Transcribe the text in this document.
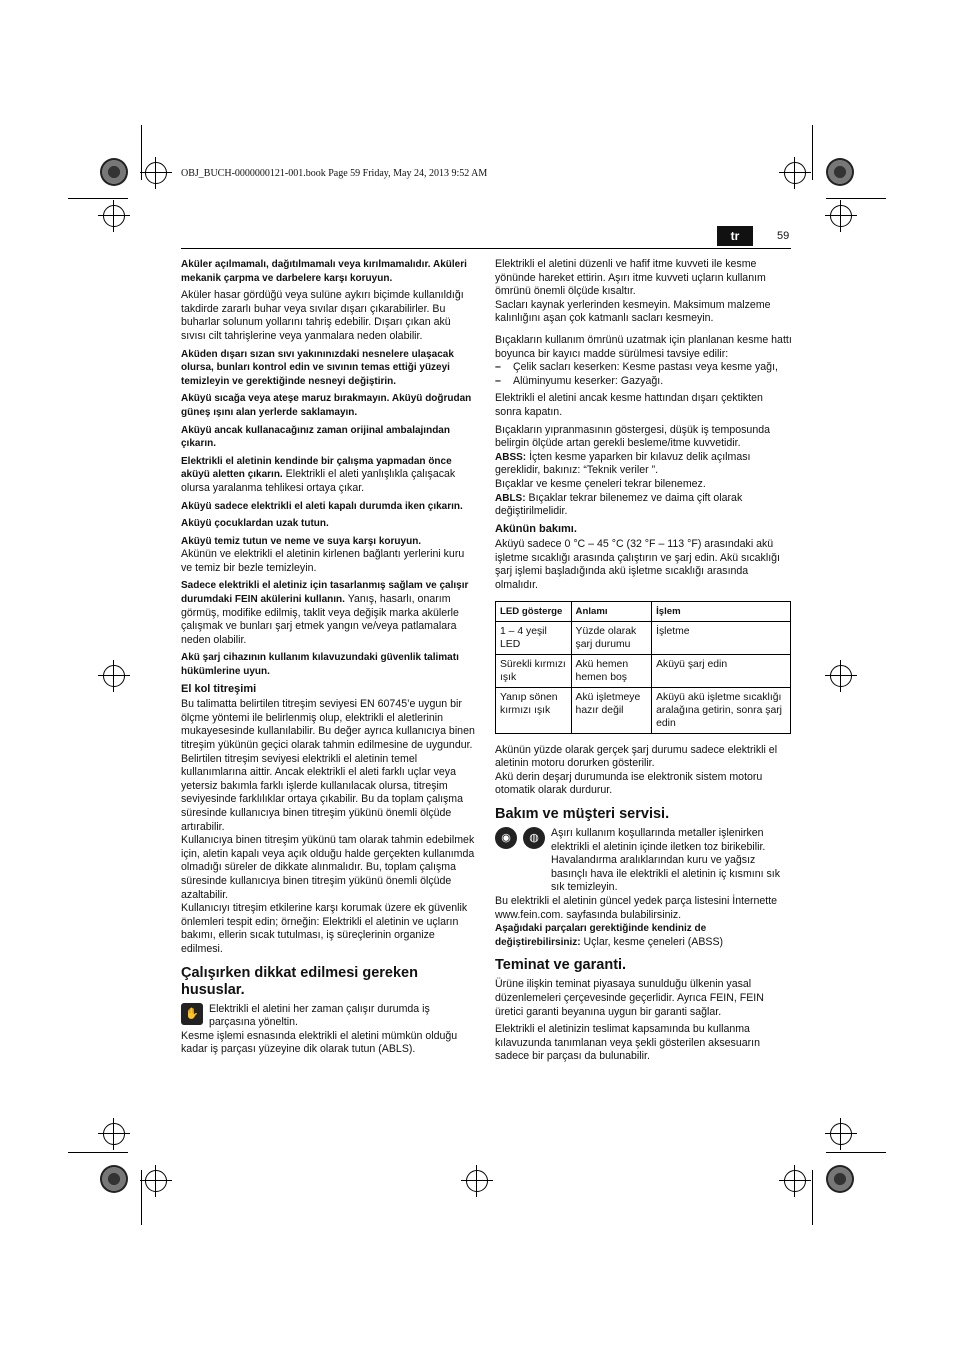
OBJ_BUCH-0000000121-001.book Page 59 Friday, May 24, 2013 9:52 AM
tr	59

Aküler açılmamalı, dağıtılmamalı veya kırılmamalıdır. Aküleri mekanik çarpma ve darbelere karşı koruyun.

Aküler hasar gördüğü veya sulüne aykırı biçimde kullanıldığı takdirde zararlı buhar veya sıvılar dışarı çıkarabilirler. Bu buharlar solunum yollarını tahriş edebilir. Dışarı çıkan akü sıvısı cilt tahrişlerine veya yanmalara neden olabilir.

Aküden dışarı sızan sıvı yakınınızdaki nesnelere ulaşacak olursa, bunları kontrol edin ve sıvının temas ettiği yüzeyi temizleyin ve gerektiğinde nesneyi değiştirin.

Aküyü sıcağa veya ateşe maruz bırakmayın. Aküyü doğrudan güneş ışını alan yerlerde saklamayın.

Aküyü ancak kullanacağınız zaman orijinal ambalajından çıkarın.

Elektrikli el aletinin kendinde bir çalışma yapmadan önce aküyü aletten çıkarın. Elektrikli el aleti yanlışlıkla çalışacak olursa yaralanma tehlikesi ortaya çıkar.

Aküyü sadece elektrikli el aleti kapalı durumda iken çıkarın.

Aküyü çocuklardan uzak tutun.

Aküyü temiz tutun ve neme ve suya karşı koruyun.
Akünün ve elektrikli el aletinin kirlenen bağlantı yerlerini kuru ve temiz bir bezle temizleyin.

Sadece elektrikli el aletiniz için tasarlanmış sağlam ve çalışır durumdaki FEIN akülerini kullanın. Yanış, hasarlı, onarım görmüş, modifike edilmiş, taklit veya değişik marka akülerle çalışmak ve bunları şarj etmek yangın ve/veya patlamalara neden olabilir.

Akü şarj cihazının kullanım kılavuzundaki güvenlik talimatı hükümlerine uyun.

El kol titreşimi

Bu talimatta belirtilen titreşim seviyesi EN 60745’e uygun bir ölçme yöntemi ile belirlenmiş olup, elektrikli el aletlerinin mukayesesinde kullanılabilir. Bu değer ayrıca kullanıcıya binen titreşim yükünün geçici olarak tahmin edilmesine de uygundur.

Belirtilen titreşim seviyesi elektrikli el aletinin temel kullanımlarına aittir. Ancak elektrikli el aleti farklı uçlar veya yetersiz bakımla farklı işlerde kullanılacak olursa, titreşim seviyesinde farklılıklar ortaya çıkabilir. Bu da toplam çalışma süresinde kullanıcıya binen titreşim yükünü önemli ölçüde artırabilir.

Kullanıcıya binen titreşim yükünü tam olarak tahmin edebilmek için, aletin kapalı veya açık olduğu halde gerçekten kullanımda olmadığı süreler de dikkate alınmalıdır. Bu, toplam çalışma süresinde kullanıcıya binen titreşim yükünü önemli ölçüde azaltabilir.

Kullanıcıyı titreşim etkilerine karşı korumak üzere ek güvenlik önlemleri tespit edin; örneğin: Elektrikli el aletinin ve uçların bakımı, ellerin sıcak tutulması, iş süreçlerinin organize edilmesi.

Çalışırken dikkat edilmesi gereken hususlar.
✋ Elektrikli el aletini her zaman çalışır durumda iş parçasına yöneltin.

Kesme işlemi esnasında elektrikli el aletini mümkün olduğu kadar iş parçası yüzeyine dik olarak tutun (ABLS).

Elektrikli el aletini düzenli ve hafif itme kuvveti ile kesme yönünde hareket ettirin. Aşırı itme kuvveti uçların kullanım ömrünü önemli ölçüde kısaltır.

Sacları kaynak yerlerinden kesmeyin. Maksimum malzeme kalınlığını aşan çok katmanlı sacları kesmeyin.

Bıçakların kullanım ömrünü uzatmak için planlanan kesme hattı boyunca bir kayıcı madde sürülmesi tavsiye edilir:

– Çelik sacları keserken: Kesme pastası veya kesme yağı,
– Alüminyumu keserker: Gazyağı.

Elektrikli el aletini ancak kesme hattından dışarı çektikten sonra kapatın.

Bıçakların yıpranmasının göstergesi, düşük iş temposunda belirgin ölçüde artan gerekli besleme/itme kuvvetidir.

ABSS: İçten kesme yaparken bir kılavuz delik açılması gereklidir, bakınız: “Teknik veriler ”.

Bıçaklar ve kesme çeneleri tekrar bilenemez.

ABLS: Bıçaklar tekrar bilenemez ve daima çift olarak değiştirilmelidir.

Akünün bakımı.

Aküyü sadece 0 °C – 45 °C (32 °F – 113 °F) arasındaki akü işletme sıcaklığı arasında çalıştırın ve şarj edin. Akü sıcaklığı şarj işlemi başladığında akü işletme sıcaklığı arasında olmalıdır.

LED gösterge	Anlamı	İşlem
1 – 4 yeşil LED	Yüzde olarak şarj durumu	İşletme
Sürekli kırmızı ışık	Akü hemen hemen boş	Aküyü şarj edin
Yanıp sönen kırmızı ışık	Akü işletmeye hazır değil	Aküyü akü işletme sıcaklığı aralağına getirin, sonra şarj edin

Akünün yüzde olarak gerçek şarj durumu sadece elektrikli el aletinin motoru dorurken gösterilir.

Akü derin deşarj durumunda ise elektronik sistem motoru otomatik olarak durdurur.

Bakım ve müşteri servisi.
◉	◍	Aşırı kullanım koşullarında metaller işlenirken elektrikli el aletinin içinde iletken toz birikebilir. Havalandırma aralıklarından kuru ve yağsız basınçlı hava ile elektrikli el aletinin iç kısmını sık sık temizleyin.

Bu elektrikli el aletinin güncel yedek parça listesini İnternette www.fein.com. sayfasında bulabilirsiniz.

Aşağıdaki parçaları gerektiğinde kendiniz de değiştirebilirsiniz: Uçlar, kesme çeneleri (ABSS)

Teminat ve garanti.

Ürüne ilişkin teminat piyasaya sunulduğu ülkenin yasal düzenlemeleri çerçevesinde geçerlidir. Ayrıca FEIN, FEIN üretici garanti beyanına uygun bir garanti sağlar.

Elektrikli el aletinizin teslimat kapsamında bu kullanma kılavuzunda tanımlanan veya şekli gösterilen aksesuarın sadece bir parçası da bulunabilir.
